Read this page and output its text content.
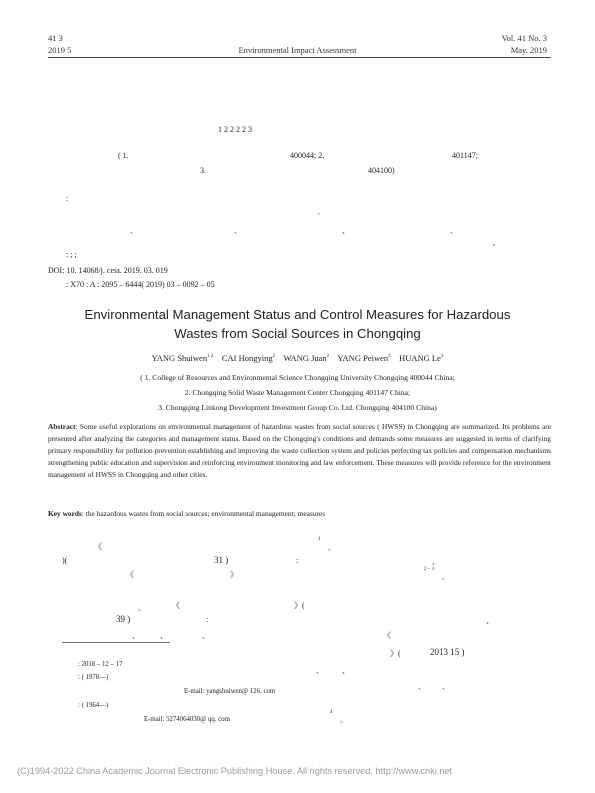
41 3
2019 5	Environmental Impact Assessment
Vol. 41 No. 3
May. 2019
1 2 2 2 2 3
( 1.	400044; 2.	401147;
3.	404100)
:
,
、	、	、	、
,
: ; ;
DOI: 10. 14068/j. ceia. 2019. 03. 019
: X70 : A : 2095 – 6444( 2019) 03 – 0092 – 05
Environmental Management Status and Control Measures for Hazardous
Wastes from Social Sources in Chongqing
YANG Shuiwen$^{1 2}$ CAI Hongying$^2$ WANG Juan$^2$ YANG Peiwen$^2$ HUANG Le$^3$
( 1. College of Resources and Environmental Science Chongqing University Chongqing 400044 China;
2. Chongqing Solid Waste Management Center Chongqing 401147 China;
3. Chongqing Linkong Development Investment Group Co. Ltd. Chongqing 404100 China)
Abstract: Some useful explorations on environmental management of hazardous wastes from social sources ( HWSS) in Chongqing are summarized. Its problems are presented after analyzing the categories and management status. Based on the Chongqing's conditions and demands some measures are suggested in terms of clarifying primary responsibility for pollution prevention establishing and improving the waste collection system and policies perfecting tax policies and compensation mechanisms strengthening public education and supervision and reinforcing environment monitoring and law enforcement. These measures will provide reference for the environment management of HWSS in Chongqing and other cities.
Key words: the hazardous wastes from social sources; environmental management; measures
《
1
。
)(	31 )	:	、
《	》
2 – 3
。
。	《	》(
39 )	:	、
、	、	、	《
》(	2013 15 )
、 、
、 、
4
。
: 2018 – 12 – 17
: ( 1978—)
E-mail: yangshuiwen@ 126. com
: ( 1964—)
E-mail: 5274064030@ qq. com
(C)1994-2022 China Academic Journal Electronic Publishing House. All rights reserved. http://www.cnki.net
